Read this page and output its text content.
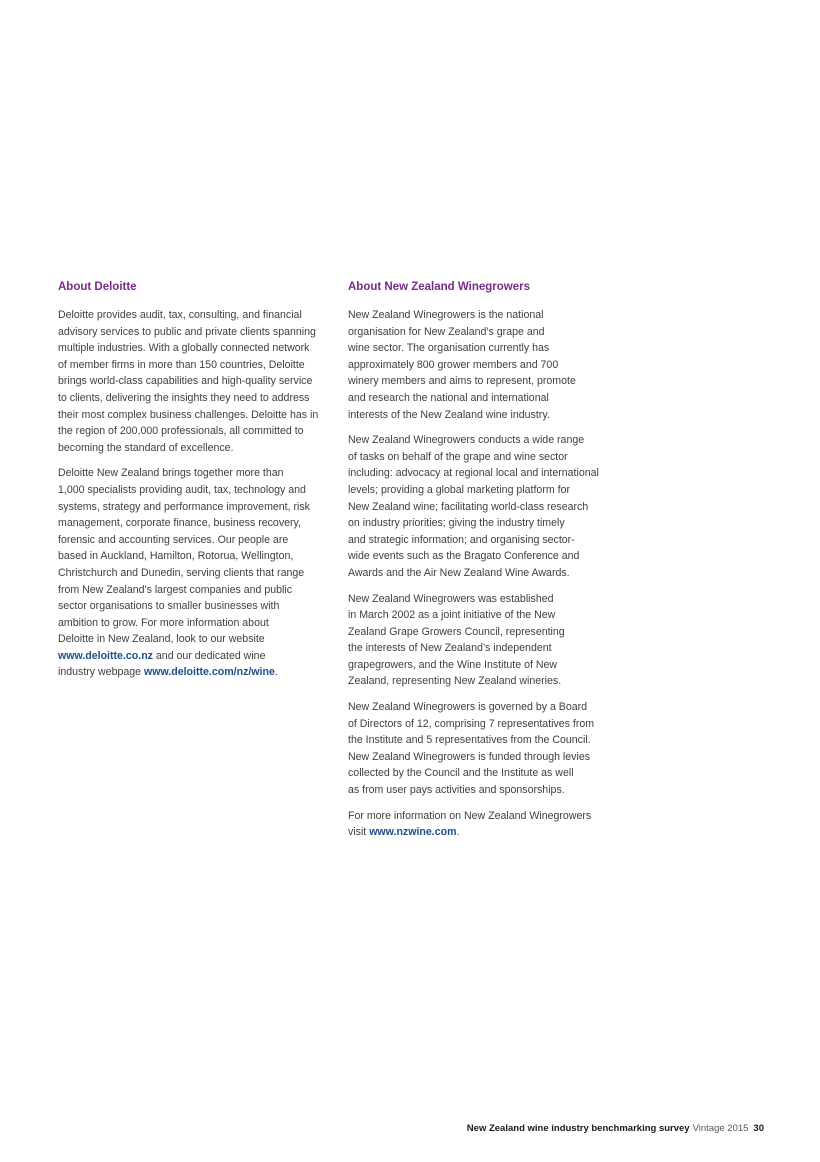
About Deloitte

Deloitte provides audit, tax, consulting, and financial
advisory services to public and private clients spanning
multiple industries. With a globally connected network
of member firms in more than 150 countries, Deloitte
brings world-class capabilities and high-quality service
to clients, delivering the insights they need to address
their most complex business challenges. Deloitte has in
the region of 200,000 professionals, all committed to
becoming the standard of excellence.

Deloitte New Zealand brings together more than
1,000 specialists providing audit, tax, technology and
systems, strategy and performance improvement, risk
management, corporate finance, business recovery,
forensic and accounting services. Our people are
based in Auckland, Hamilton, Rotorua, Wellington,
Christchurch and Dunedin, serving clients that range
from New Zealand's largest companies and public
sector organisations to smaller businesses with
ambition to grow. For more information about
Deloitte in New Zealand, look to our website
www.deloitte.co.nz and our dedicated wine
industry webpage www.deloitte.com/nz/wine.

About New Zealand Winegrowers

New Zealand Winegrowers is the national
organisation for New Zealand’s grape and
wine sector. The organisation currently has
approximately 800 grower members and 700
winery members and aims to represent, promote
and research the national and international
interests of the New Zealand wine industry.

New Zealand Winegrowers conducts a wide range
of tasks on behalf of the grape and wine sector
including: advocacy at regional local and international
levels; providing a global marketing platform for
New Zealand wine; facilitating world-class research
on industry priorities; giving the industry timely
and strategic information; and organising sector-
wide events such as the Bragato Conference and
Awards and the Air New Zealand Wine Awards.

New Zealand Winegrowers was established
in March 2002 as a joint initiative of the New
Zealand Grape Growers Council, representing
the interests of New Zealand’s independent
grapegrowers, and the Wine Institute of New
Zealand, representing New Zealand wineries.

New Zealand Winegrowers is governed by a Board
of Directors of 12, comprising 7 representatives from
the Institute and 5 representatives from the Council.
New Zealand Winegrowers is funded through levies
collected by the Council and the Institute as well
as from user pays activities and sponsorships.

For more information on New Zealand Winegrowers
visit www.nzwine.com.

New Zealand wine industry benchmarking survey Vintage 2015 30
